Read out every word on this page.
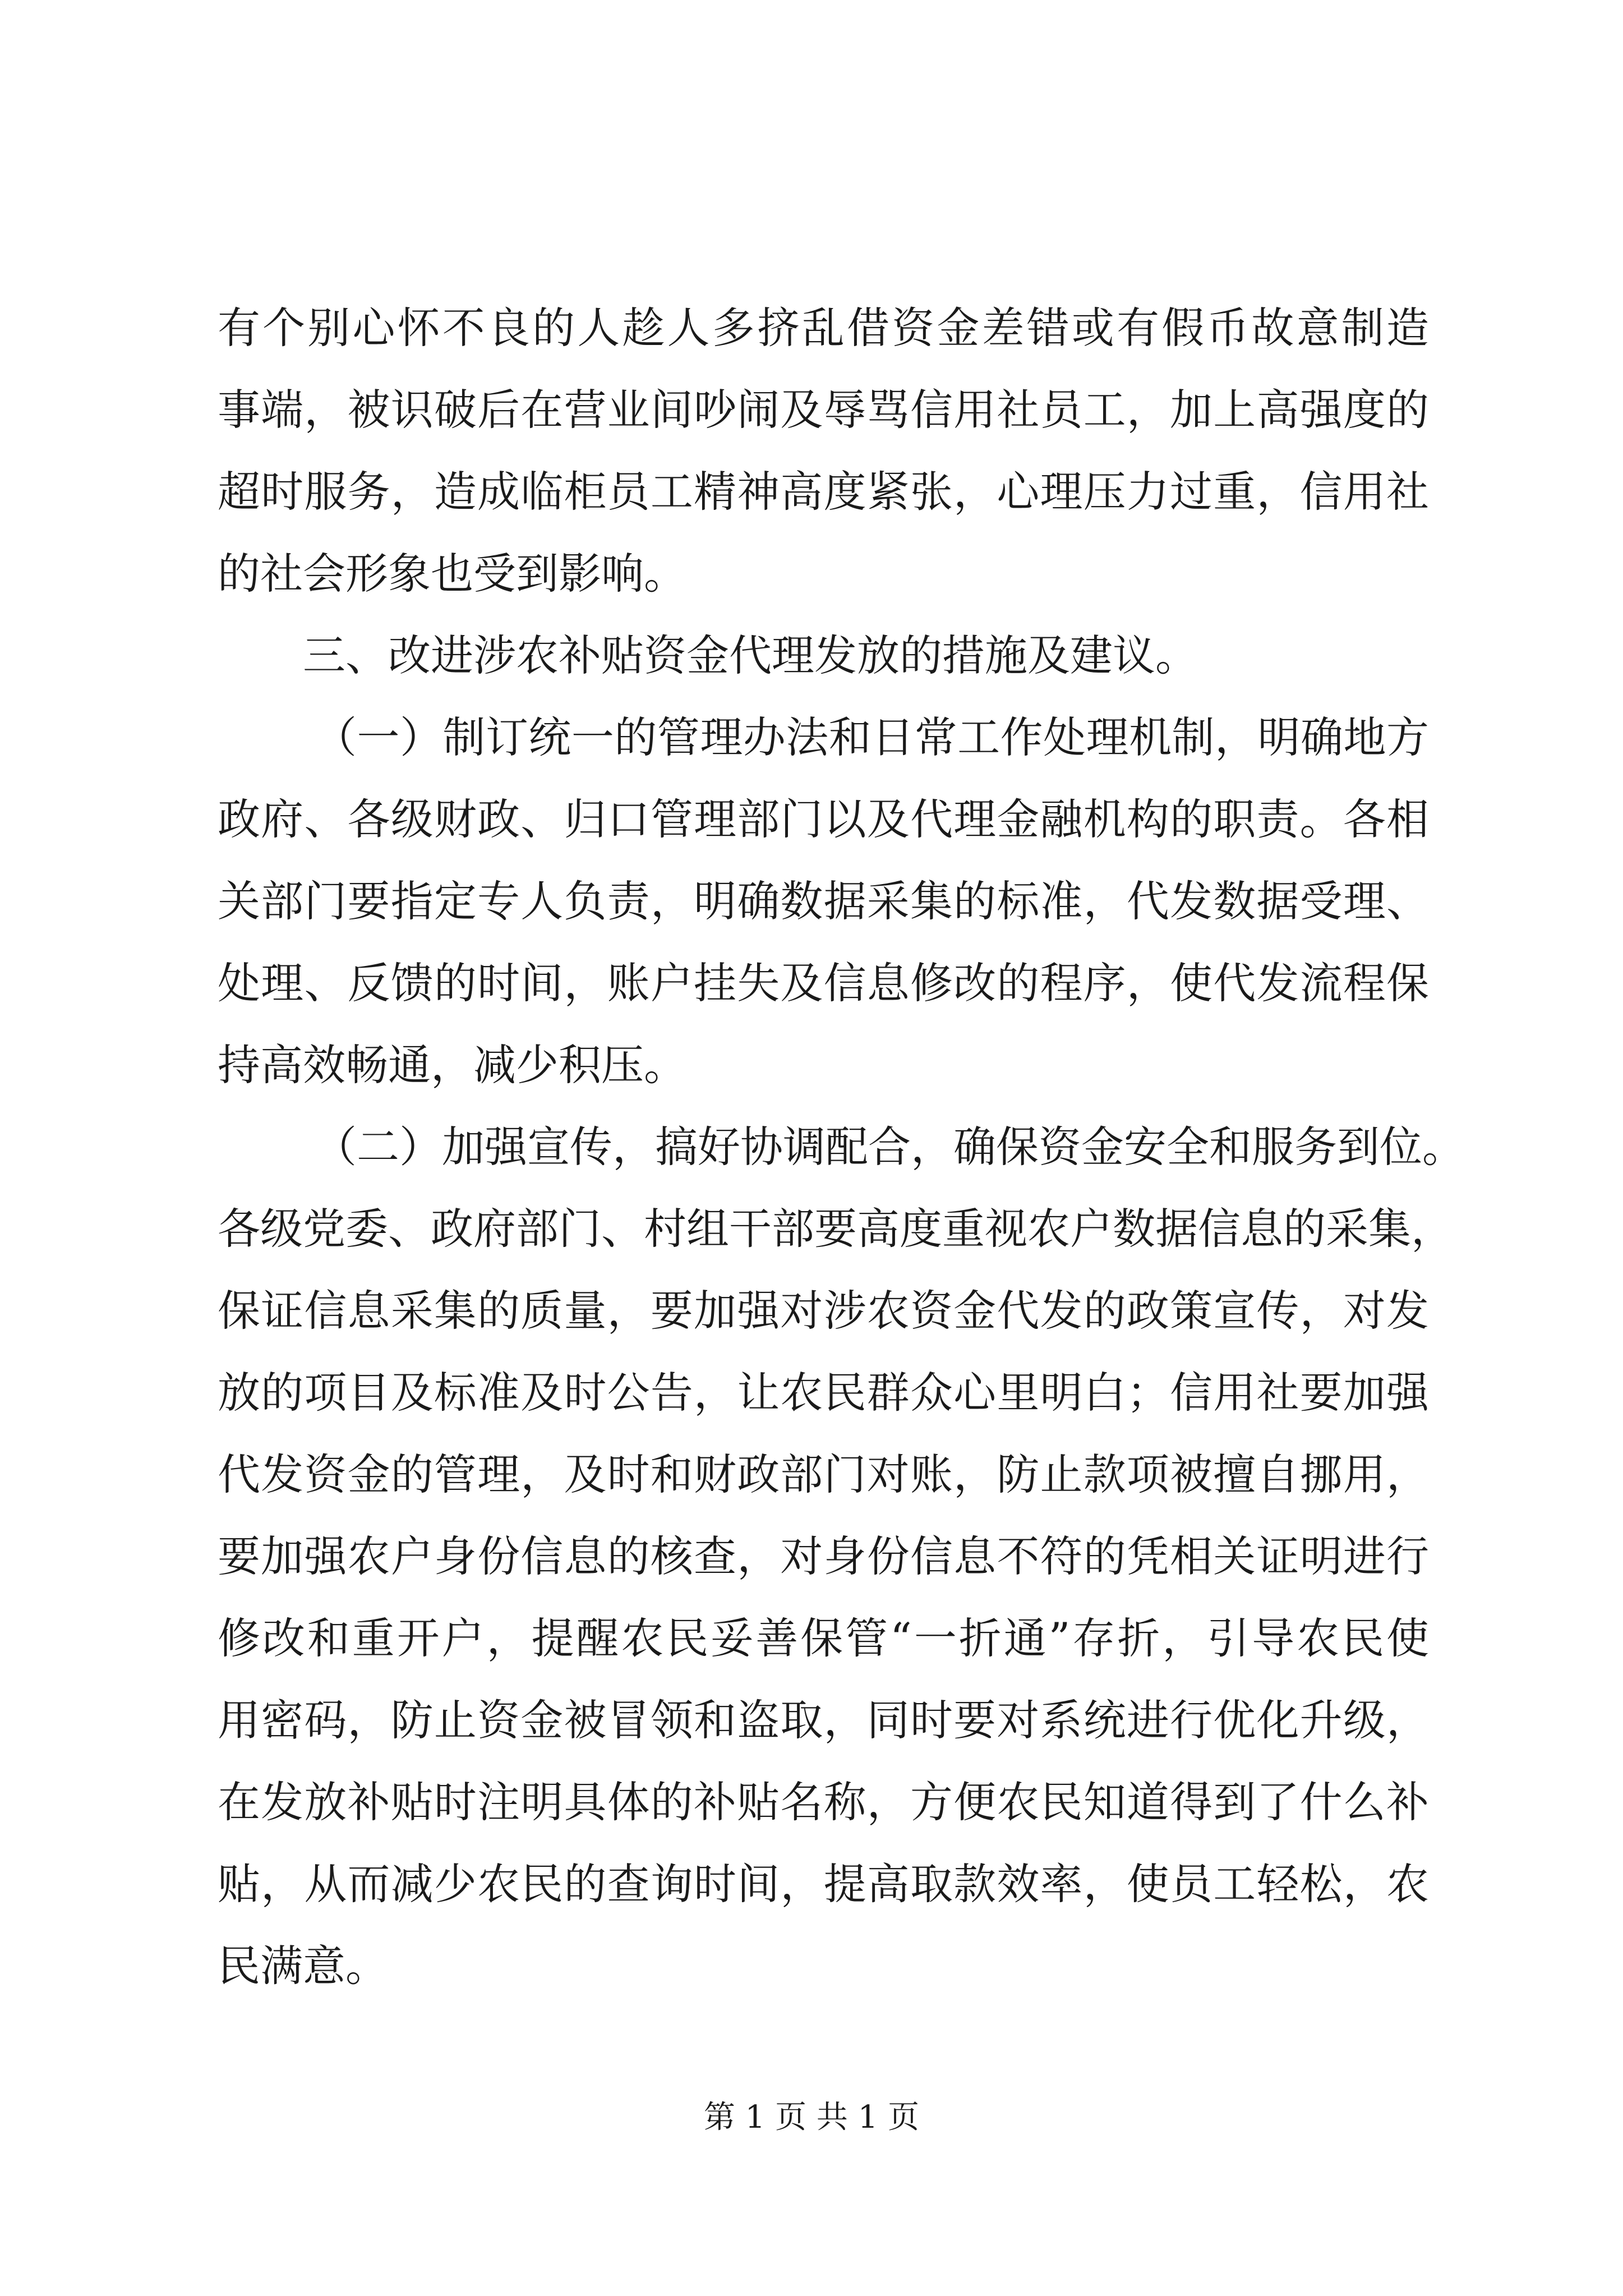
有个别心怀不良的人趁人多挤乱借资金差错或有假币故意制造
事端，被识破后在营业间吵闹及辱骂信用社员工，加上高强度的
超时服务，造成临柜员工精神高度紧张，心理压力过重，信用社
的社会形象也受到影响。
三、改进涉农补贴资金代理发放的措施及建议。
（一）制订统一的管理办法和日常工作处理机制，明确地方
政府、各级财政、归口管理部门以及代理金融机构的职责。各相
关部门要指定专人负责，明确数据采集的标准，代发数据受理、
处理、反馈的时间，账户挂失及信息修改的程序，使代发流程保
持高效畅通，减少积压。
（二）加强宣传，搞好协调配合，确保资金安全和服务到位。
各级党委、政府部门、村组干部要高度重视农户数据信息的采集，
保证信息采集的质量，要加强对涉农资金代发的政策宣传，对发
放的项目及标准及时公告，让农民群众心里明白；信用社要加强
代发资金的管理，及时和财政部门对账，防止款项被擅自挪用，
要加强农户身份信息的核查，对身份信息不符的凭相关证明进行
修改和重开户，提醒农民妥善保管“一折通”存折，引导农民使
用密码，防止资金被冒领和盗取，同时要对系统进行优化升级，
在发放补贴时注明具体的补贴名称，方便农民知道得到了什么补
贴，从而减少农民的查询时间，提高取款效率，使员工轻松，农
民满意。
第 1 页 共 1 页
